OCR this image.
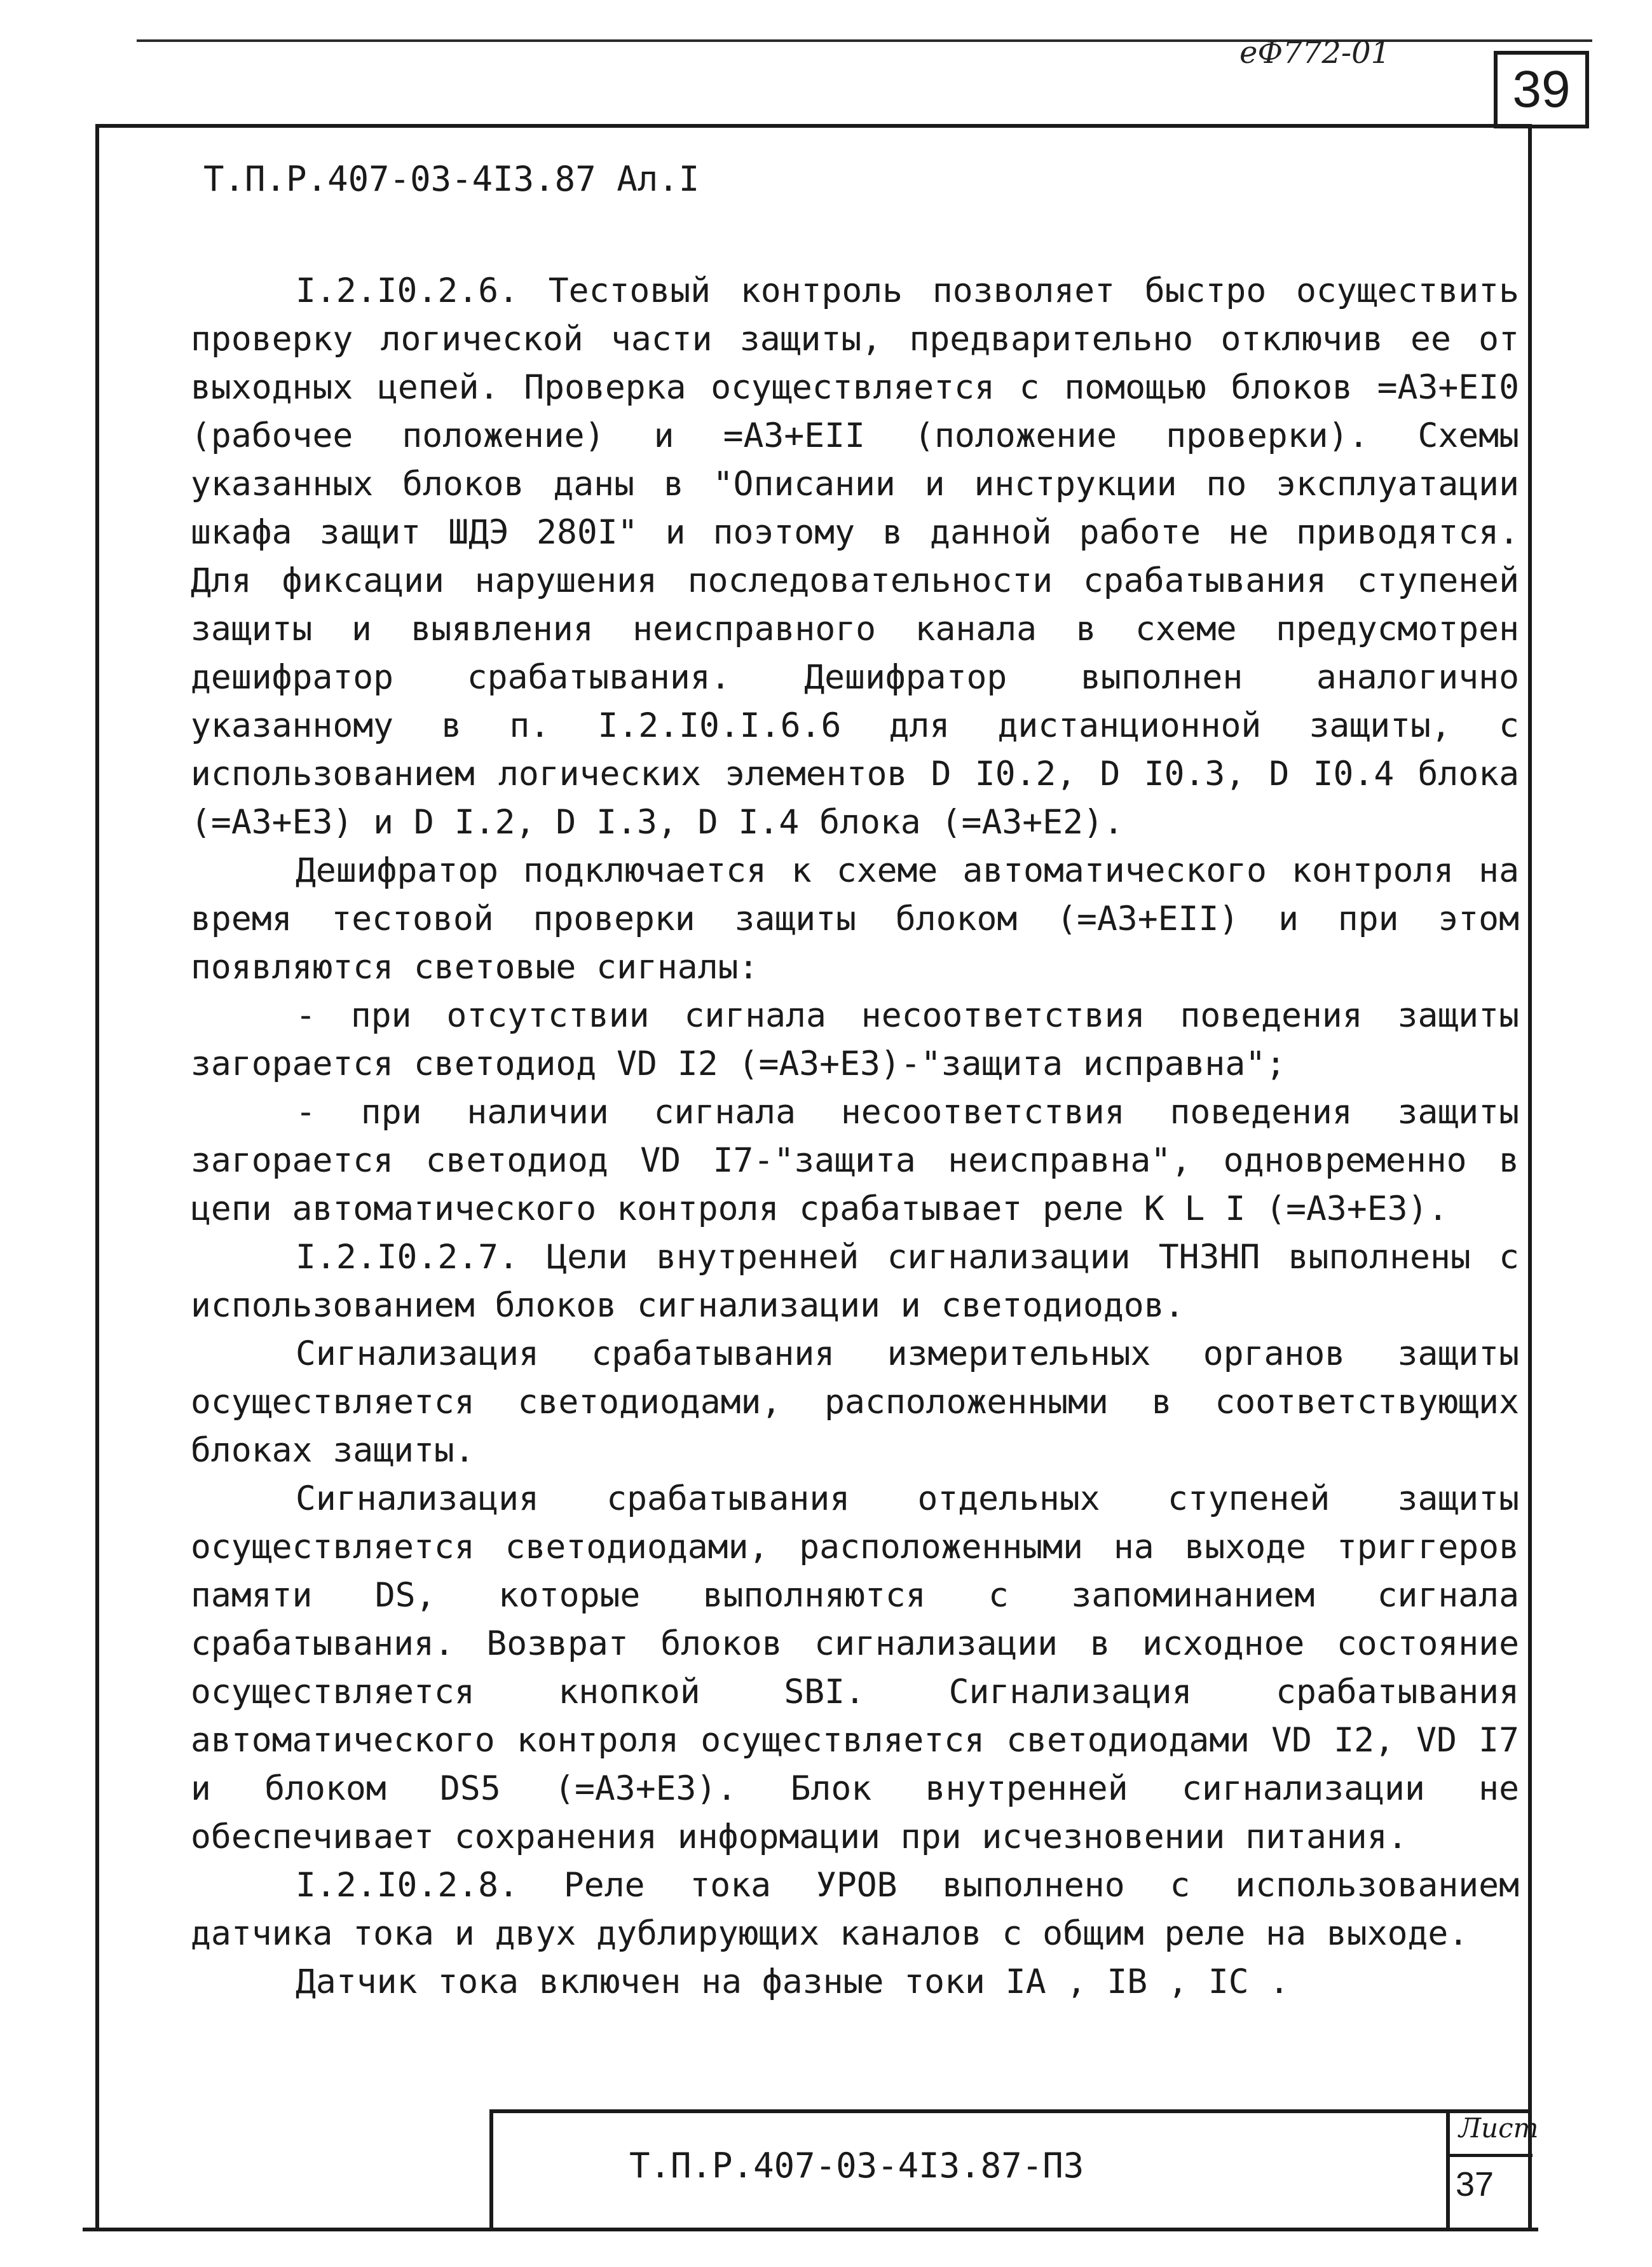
еФ772-01
39
Т.П.Р.407-03-4I3.87 Ал.I

I.2.I0.2.6. Тестовый контроль позволяет быстро осуществить проверку логической части защиты, предварительно отключив ее от выходных цепей. Проверка осуществляется с помощью блоков =А3+ЕI0 (рабочее положение) и =А3+ЕII (положение проверки). Схемы указанных блоков даны в "Описании и инструкции по эксплуатации шкафа защит ШДЭ 280I" и поэтому в данной работе не приводятся. Для фиксации нарушения последовательности срабатывания ступеней защиты и выявления неисправного канала в схеме предусмотрен дешифратор срабатывания. Дешифратор выполнен аналогично указанному в п. I.2.I0.I.6.6 для дистанционной защиты, с использованием логических элементов D I0.2, D I0.3, D I0.4 блока (=А3+Е3) и D I.2, D I.3, D I.4 блока (=А3+Е2).

Дешифратор подключается к схеме автоматического контроля на время тестовой проверки защиты блоком (=А3+ЕII) и при этом появляются световые сигналы:

- при отсутствии сигнала несоответствия поведения защиты загорается светодиод VD I2 (=А3+Е3)-"защита исправна";

- при наличии сигнала несоответствия поведения защиты загорается светодиод VD I7-"защита неисправна", одновременно в цепи автоматического контроля срабатывает реле K L I (=А3+Е3).

I.2.I0.2.7. Цели внутренней сигнализации ТНЗНП выполнены с использованием блоков сигнализации и светодиодов.

Сигнализация срабатывания измерительных органов защиты осуществляется светодиодами, расположенными в соответствующих блоках защиты.

Сигнализация срабатывания отдельных ступеней защиты осуществляется светодиодами, расположенными на выходе триггеров памяти DS, которые выполняются с запоминанием сигнала срабатывания. Возврат блоков сигнализации в исходное состояние осуществляется кнопкой SBI. Сигнализация срабатывания автоматического контроля осуществляется светодиодами VD I2, VD I7 и блоком DS5 (=А3+Е3). Блок внутренней сигнализации не обеспечивает сохранения информации при исчезновении питания.

I.2.I0.2.8. Реле тока УРОВ выполнено с использованием датчика тока и двух дублирующих каналов с общим реле на выходе.

Датчик тока включен на фазные токи IA , IB , IC .

Т.П.Р.407-03-4I3.87-ПЗ
Лист
37
